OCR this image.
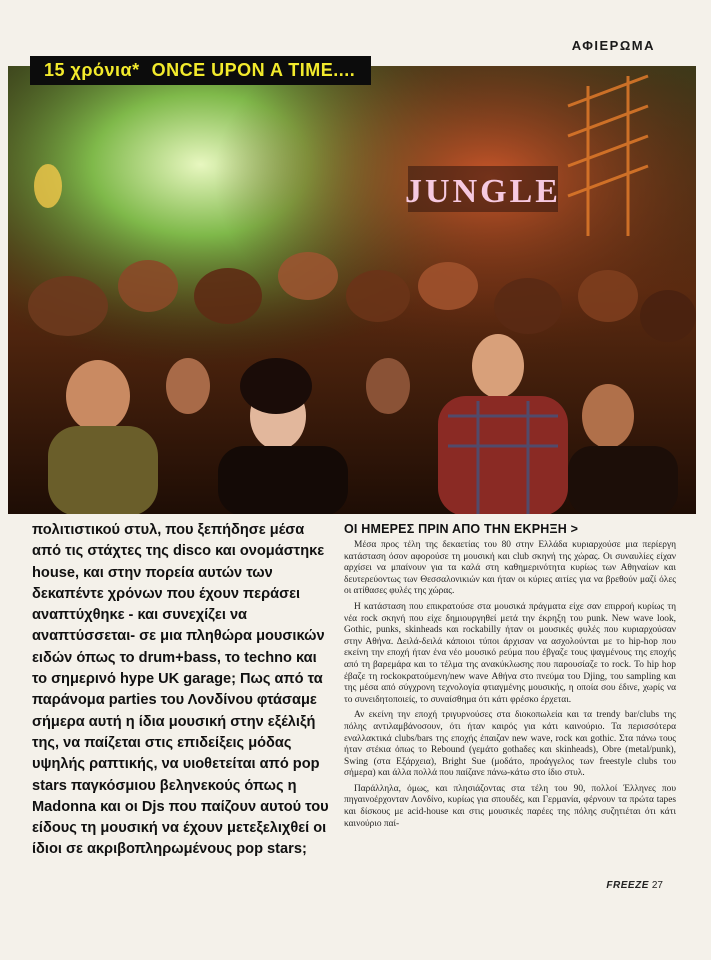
ΑΦΙΕΡΩΜΑ
JUNGLE
15 χρόνια* ONCE UPON A TIME....

πολιτιστικού στυλ, που ξεπήδησε μέσα από τις στάχτες της disco και ονομάστηκε house, και στην πορεία αυτών των δεκαπέντε χρόνων που έχουν περάσει αναπτύχθηκε - και συνεχίζει να αναπτύσσεται- σε μια πληθώρα μουσικών ειδών όπως το drum+bass, το techno και το σημερινό hype UK garage; Πως από τα παράνομα parties του Λονδίνου φτάσαμε σήμερα αυτή η ίδια μουσική στην εξέλιξή της, να παίζεται στις επιδείξεις μόδας υψηλής ραπτικής, να υιοθετείται από pop stars παγκόσμιου βεληνεκούς όπως η Madonna και οι Djs που παίζουν αυτού του είδους τη μουσική να έχουν μετεξελιχθεί οι ίδιοι σε ακριβοπληρωμένους pop stars;

ΟΙ ΗΜΕΡΕΣ ΠΡΙΝ ΑΠΟ ΤΗΝ ΕΚΡΗΞΗ >

Μέσα προς τέλη της δεκαετίας του 80 στην Ελλάδα κυριαρχούσε μια περίεργη κατάσταση όσον αφορούσε τη μουσική και club σκηνή της χώρας. Οι συναυλίες είχαν αρχίσει να μπαίνουν για τα καλά στη καθημερινότητα κυρίως των Αθηναίων και δευτερεύοντως των Θεσσαλονικιών και ήταν οι κύριες αιτίες για να βρεθούν μαζί όλες οι ατίθασες φυλές της χώρας.

Η κατάσταση που επικρατούσε στα μουσικά πράγματα είχε σαν επιρροή κυρίως τη νέα rock σκηνή που είχε δημιουργηθεί μετά την έκρηξη του punk. New wave look, Gothic, punks, skinheads και rockabilly ήταν οι μουσικές φυλές που κυριαρχούσαν στην Αθήνα. Δειλά-δειλά κάποιοι τύποι άρχισαν να ασχολούνται με το hip-hop που εκείνη την εποχή ήταν ένα νέο μουσικό ρεύμα που έβγαζε τους ψαγμένους της εποχής από τη βαρεμάρα και το τέλμα της ανακύκλωσης που παρουσίαζε το rock. Το hip hop έβαζε τη rockοκρατούμενη/new wave Αθήνα στο πνεύμα του Djing, του sampling και της μέσα από σύγχρονη τεχνολογία φτιαγμένης μουσικής, η οποία σου έδινε, χωρίς να το συνειδητοποιείς, το συναίσθημα ότι κάτι φρέσκο έρχεται.

Αν εκείνη την εποχή τριγυρνούσες στα διοκοπωλεία και τα trendy bar/clubs της πόλης αντιλαμβάνοσουν, ότι ήταν καιρός για κάτι καινούριο. Τα περισσότερα εναλλακτικά clubs/bars της εποχής έπαιζαν new wave, rock και gothic. Στα πάνω τους ήταν στέκια όπως το Rebound (γεμάτο gothaδες και skinheads), Obre (metal/punk), Swing (στα Εξάρχεια), Bright Sue (μοδάτο, προάγγελος των freestyle clubs του σήμερα) και άλλα πολλά που παίζανε πάνω-κάτω στο ίδιο στυλ.

Παράλληλα, όμως, και πλησιάζοντας στα τέλη του 90, πολλοί Έλληνες που πηγαινοέρχονταν Λονδίνο, κυρίως για σπουδές, και Γερμανία, φέρνουν τα πρώτα tapes και δίσκους με acid-house και στις μουσικές παρέες της πόλης συζητιέται ότι κάτι καινούριο παί-

FREEZE 27
